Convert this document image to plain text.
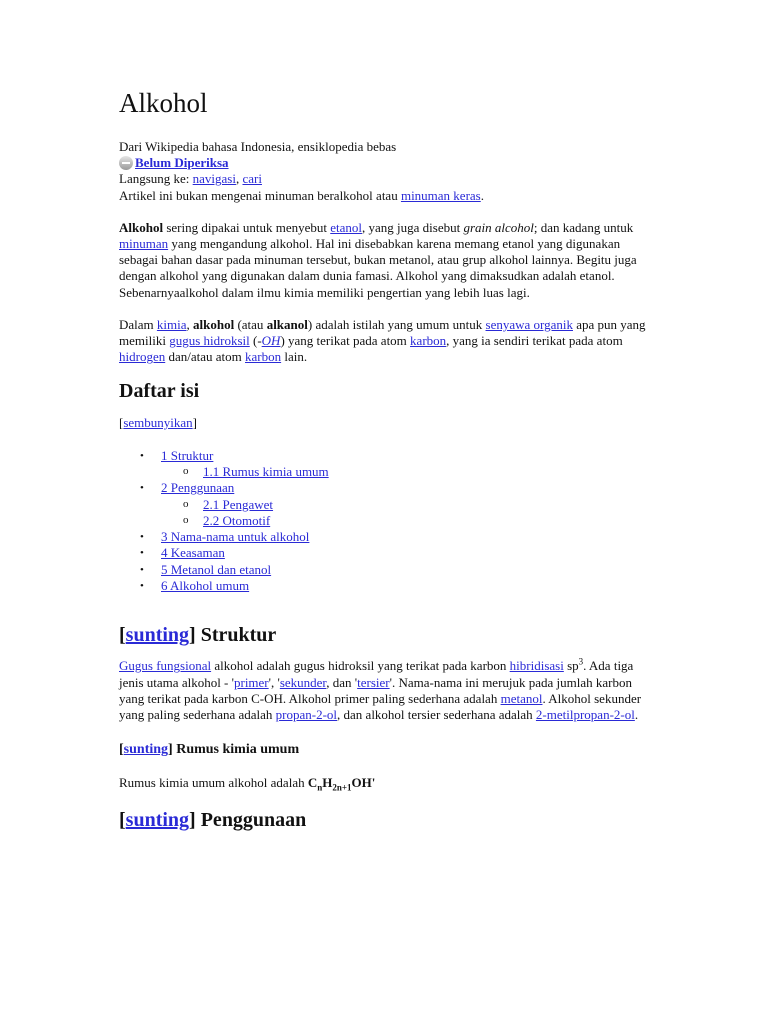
Alkohol
Dari Wikipedia bahasa Indonesia, ensiklopedia bebas
Belum Diperiksa
Langsung ke: navigasi, cari
Artikel ini bukan mengenai minuman beralkohol atau minuman keras.

Alkohol sering dipakai untuk menyebut etanol, yang juga disebut grain alcohol; dan kadang untuk minuman yang mengandung alkohol. Hal ini disebabkan karena memang etanol yang digunakan sebagai bahan dasar pada minuman tersebut, bukan metanol, atau grup alkohol lainnya. Begitu juga dengan alkohol yang digunakan dalam dunia famasi. Alkohol yang dimaksudkan adalah etanol. Sebenarnyaalkohol dalam ilmu kimia memiliki pengertian yang lebih luas lagi.

Dalam kimia, alkohol (atau alkanol) adalah istilah yang umum untuk senyawa organik apa pun yang memiliki gugus hidroksil (-OH) yang terikat pada atom karbon, yang ia sendiri terikat pada atom hidrogen dan/atau atom karbon lain.

Daftar isi
[sembunyikan]
• 1 Struktur
o 1.1 Rumus kimia umum
• 2 Penggunaan
o 2.1 Pengawet
o 2.2 Otomotif
• 3 Nama-nama untuk alkohol
• 4 Keasaman
• 5 Metanol dan etanol
• 6 Alkohol umum
[sunting] Struktur

Gugus fungsional alkohol adalah gugus hidroksil yang terikat pada karbon hibridisasi $sp^3$. Ada tiga jenis utama alkohol - 'primer', 'sekunder, dan 'tersier'. Nama-nama ini merujuk pada jumlah karbon yang terikat pada karbon C-OH. Alkohol primer paling sederhana adalah metanol. Alkohol sekunder yang paling sederhana adalah propan-2-ol, dan alkohol tersier sederhana adalah 2-metilpropan-2-ol.

[sunting] Rumus kimia umum

Rumus kimia umum alkohol adalah $C_nH_{2n+1}OH'$

[sunting] Penggunaan
